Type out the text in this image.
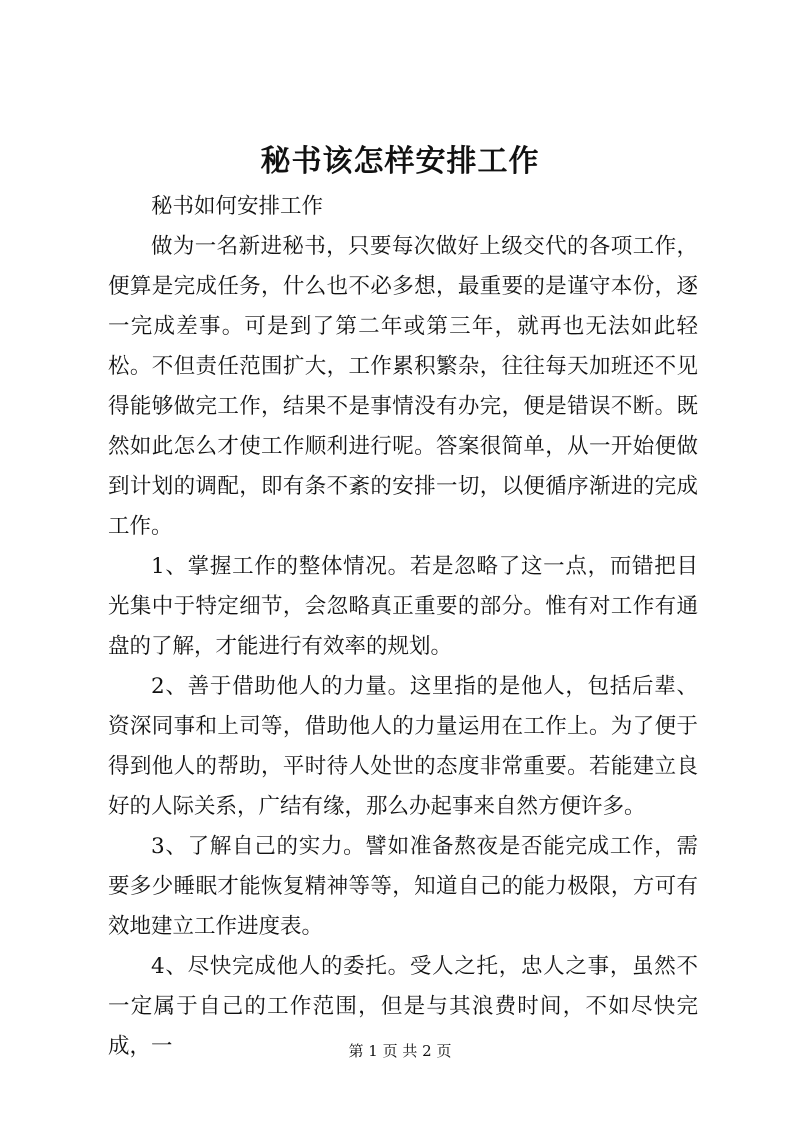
秘书该怎样安排工作

秘书如何安排工作

做为一名新进秘书，只要每次做好上级交代的各项工作，便算是完成任务，什么也不必多想，最重要的是谨守本份，逐一完成差事。可是到了第二年或第三年，就再也无法如此轻松。不但责任范围扩大，工作累积繁杂，往往每天加班还不见得能够做完工作，结果不是事情没有办完，便是错误不断。既然如此怎么才使工作顺利进行呢。答案很简单，从一开始便做到计划的调配，即有条不紊的安排一切，以便循序渐进的完成工作。

1、掌握工作的整体情况。若是忽略了这一点，而错把目光集中于特定细节，会忽略真正重要的部分。惟有对工作有通盘的了解，才能进行有效率的规划。

2、善于借助他人的力量。这里指的是他人，包括后辈、资深同事和上司等，借助他人的力量运用在工作上。为了便于得到他人的帮助，平时待人处世的态度非常重要。若能建立良好的人际关系，广结有缘，那么办起事来自然方便许多。

3、了解自己的实力。譬如准备熬夜是否能完成工作，需要多少睡眠才能恢复精神等等，知道自己的能力极限，方可有效地建立工作进度表。

4、尽快完成他人的委托。受人之托，忠人之事，虽然不一定属于自己的工作范围，但是与其浪费时间，不如尽快完成，一	第 1 页 共 2 页
